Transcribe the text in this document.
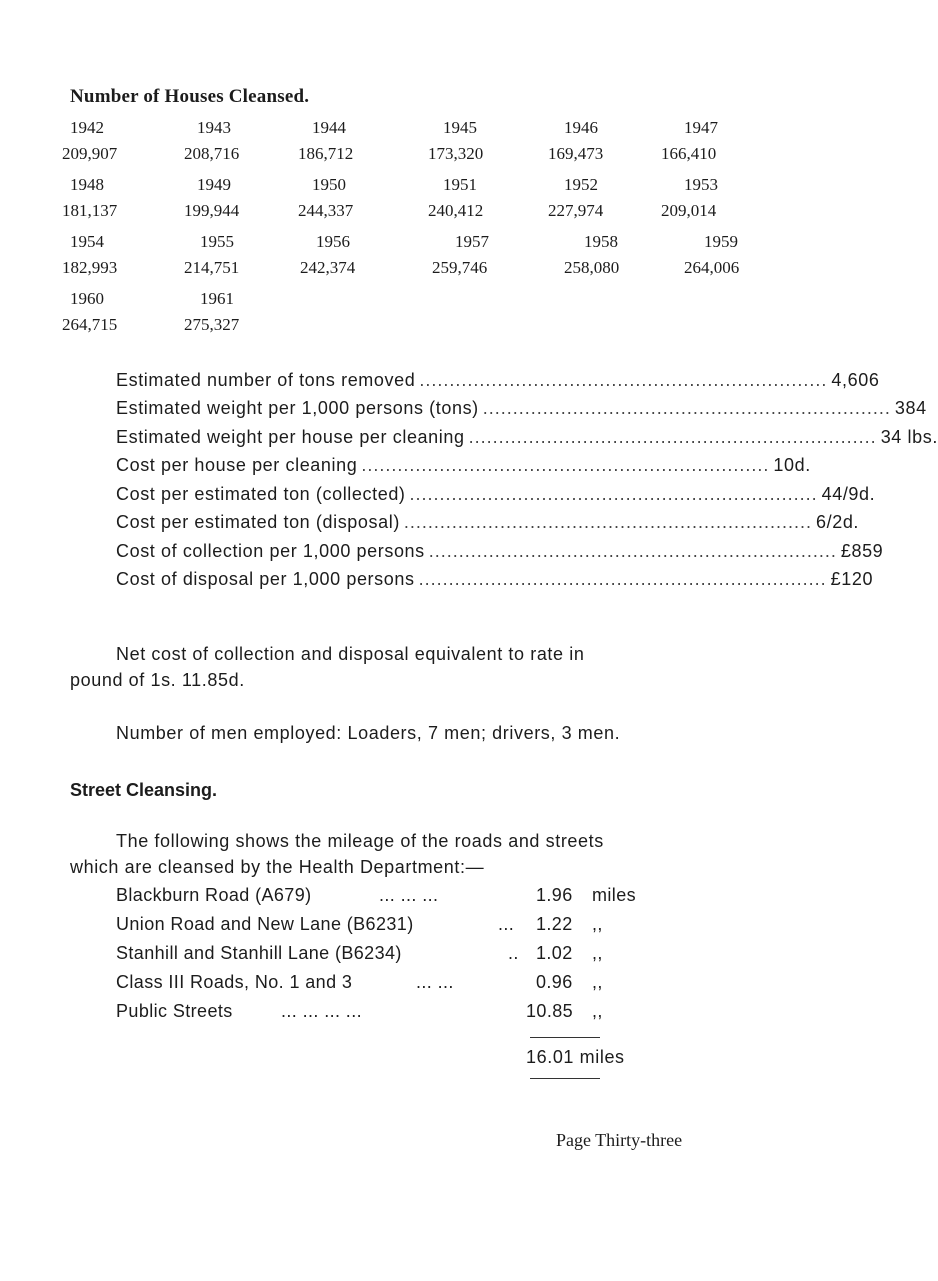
Number of Houses Cleansed.
1942	1943	1944	1945	1946	1947
209,907	208,716	186,712	173,320	169,473	166,410
1948	1949	1950	1951	1952	1953
181,137	199,944	244,337	240,412	227,974	209,014
1954	1955	1956	1957	1958	1959
182,993	214,751	242,374	259,746	258,080	264,006
1960	1961
264,715	275,327
Estimated number of tons removed .................................................................... 4,606
Estimated weight per 1,000 persons (tons) .................................................................... 384
Estimated weight per house per cleaning .................................................................... 34 lbs.
Cost per house per cleaning .................................................................... 10d.
Cost per estimated ton (collected) .................................................................... 44/9d.
Cost per estimated ton (disposal) .................................................................... 6/2d.
Cost of collection per 1,000 persons .................................................................... £859
Cost of disposal per 1,000 persons .................................................................... £120
Net cost of collection and disposal equivalent to rate in
pound of 1s. 11.85d.
Number of men employed: Loaders, 7 men; drivers, 3 men.
Street Cleansing.
The following shows the mileage of the roads and streets
which are cleansed by the Health Department:—
Blackburn Road (A679)	... ... ...	1.96 miles
Union Road and New Lane (B6231)	... 1.22 ,,
Stanhill and Stanhill Lane (B6234)	.. 1.02 ,,
Class III Roads, No. 1 and 3	... ...	0.96 ,,
Public Streets	... ... ... ...	10.85 ,,
16.01 miles
Page Thirty-three
